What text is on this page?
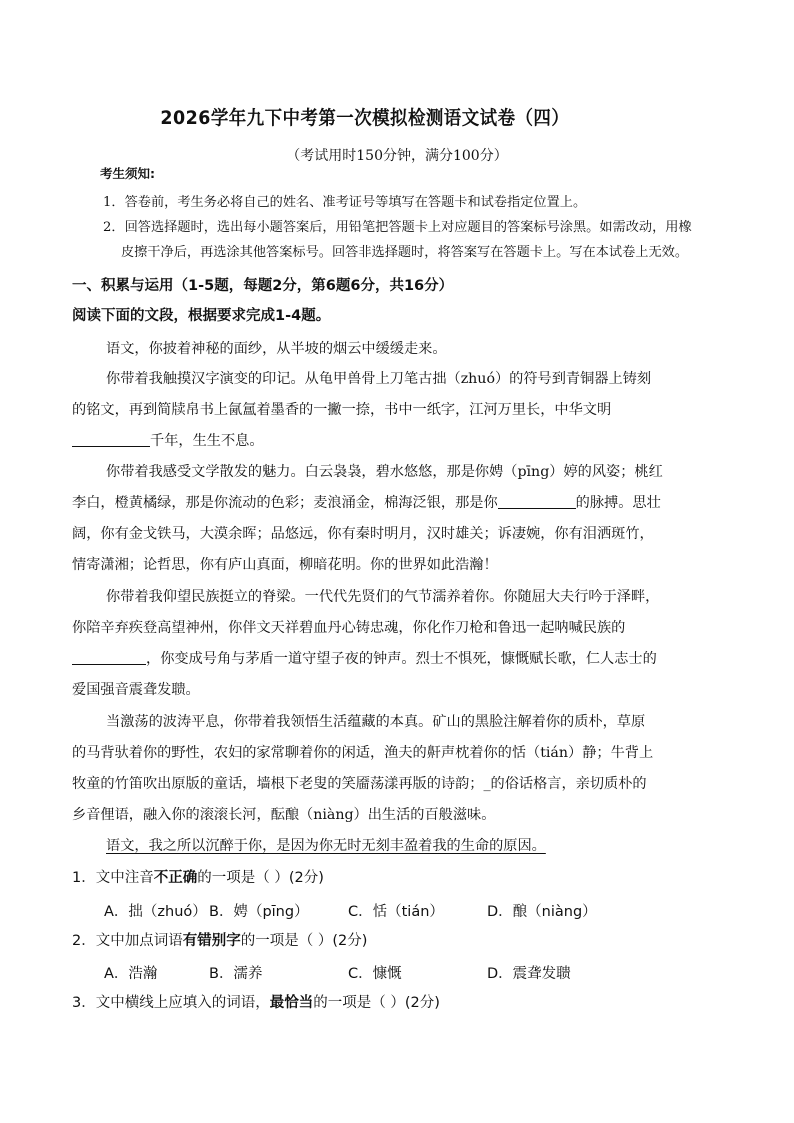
2026学年九下中考第一次模拟检测语文试卷（四）
（考试用时150分钟，满分100分）
考生须知:
1．答卷前，考生务必将自己的姓名、准考证号等填写在答题卡和试卷指定位置上。
2．回答选择题时，选出每小题答案后，用铅笔把答题卡上对应题目的答案标号涂黑。如需改动，用橡
皮擦干净后，再选涂其他答案标号。回答非选择题时，将答案写在答题卡上。写在本试卷上无效。
一、积累与运用（1-5题，每题2分，第6题6分，共16分）
阅读下面的文段，根据要求完成1-4题。
语文，你披着神秘的面纱，从半坡的烟云中缓缓走来。
你带着我触摸汉字演变的印记。从龟甲兽骨上刀笔古拙（zhuó）的符号到青铜器上铸刻
的铭文，再到简牍帛书上氤氲着墨香的一撇一捺，书中一纸字，江河万里长，中华文明
千年，生生不息。
你带着我感受文学散发的魅力。白云袅袅，碧水悠悠，那是你娉（pīng）婷的风姿；桃红
李白，橙黄橘绿，那是你流动的色彩；麦浪涌金，棉海泛银，那是你	的脉搏。思壮
阔，你有金戈铁马，大漠余晖；品悠远，你有秦时明月，汉时雄关；诉凄婉，你有泪洒斑竹，
情寄潇湘；论哲思，你有庐山真面，柳暗花明。你的世界如此浩瀚！
你带着我仰望民族挺立的脊梁。一代代先贤们的气节濡养着你。你随屈大夫行吟于泽畔，
你陪辛弃疾登高望神州，你伴文天祥碧血丹心铸忠魂，你化作刀枪和鲁迅一起呐喊民族的
，你变成号角与茅盾一道守望子夜的钟声。烈士不惧死，慷慨赋长歌，仁人志士的
爱国强音震聋发聩。
当激荡的波涛平息，你带着我领悟生活蕴藏的本真。矿山的黑脸注解着你的质朴，草原
的马背驮着你的野性，农妇的家常聊着你的闲适，渔夫的鼾声枕着你的恬（tián）静；牛背上
牧童的竹笛吹出原版的童话，墙根下老叟的笑靥荡漾再版的诗韵；_的俗话格言，亲切质朴的
乡音俚语，融入你的滚滚长河，酝酿（niàng）出生活的百般滋味。
语文，我之所以沉醉于你，是因为你无时无刻丰盈着我的生命的原因。
1．文中注音不正确的一项是（ ）(2分)
A．拙（zhuó） B．娉（pīng）	C．恬（tián）	D．酿（niàng）
2．文中加点词语有错别字的一项是（ ）(2分)
A．浩瀚	B．濡养	C．慷慨	D．震聋发聩
3．文中横线上应填入的词语，最恰当的一项是（ ）(2分)
